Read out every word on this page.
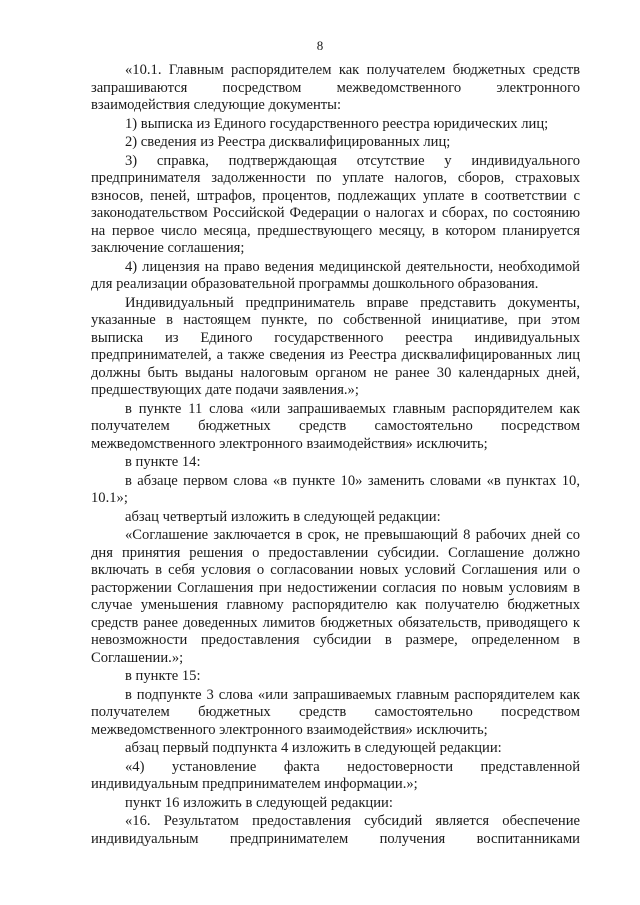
8

«10.1. Главным распорядителем как получателем бюджетных средств запрашиваются посредством межведомственного электронного взаимодействия следующие документы:

1) выписка из Единого государственного реестра юридических лиц;

2) сведения из Реестра дисквалифицированных лиц;

3) справка, подтверждающая отсутствие у индивидуального предпринимателя задолженности по уплате налогов, сборов, страховых взносов, пеней, штрафов, процентов, подлежащих уплате в соответствии с законодательством Российской Федерации о налогах и сборах, по состоянию на первое число месяца, предшествующего месяцу, в котором планируется заключение соглашения;

4) лицензия на право ведения медицинской деятельности, необходимой для реализации образовательной программы дошкольного образования.

Индивидуальный предприниматель вправе представить документы, указанные в настоящем пункте, по собственной инициативе, при этом выписка из Единого государственного реестра индивидуальных предпринимателей, а также сведения из Реестра дисквалифицированных лиц должны быть выданы налоговым органом не ранее 30 календарных дней, предшествующих дате подачи заявления.»;

в пункте 11 слова «или запрашиваемых главным распорядителем как получателем бюджетных средств самостоятельно посредством межведомственного электронного взаимодействия» исключить;

в пункте 14:

в абзаце первом слова «в пункте 10» заменить словами «в пунктах 10, 10.1»;

абзац четвертый изложить в следующей редакции:

«Соглашение заключается в срок, не превышающий 8 рабочих дней со дня принятия решения о предоставлении субсидии. Соглашение должно включать в себя условия о согласовании новых условий Соглашения или о расторжении Соглашения при недостижении согласия по новым условиям в случае уменьшения главному распорядителю как получателю бюджетных средств ранее доведенных лимитов бюджетных обязательств, приводящего к невозможности предоставления субсидии в размере, определенном в Соглашении.»;

в пункте 15:

в подпункте 3 слова «или запрашиваемых главным распорядителем как получателем бюджетных средств самостоятельно посредством межведомственного электронного взаимодействия» исключить;

абзац первый подпункта 4 изложить в следующей редакции:

«4) установление факта недостоверности представленной индивидуальным предпринимателем информации.»;

пункт 16 изложить в следующей редакции:

«16. Результатом предоставления субсидий является обеспечение индивидуальным предпринимателем получения воспитанниками
